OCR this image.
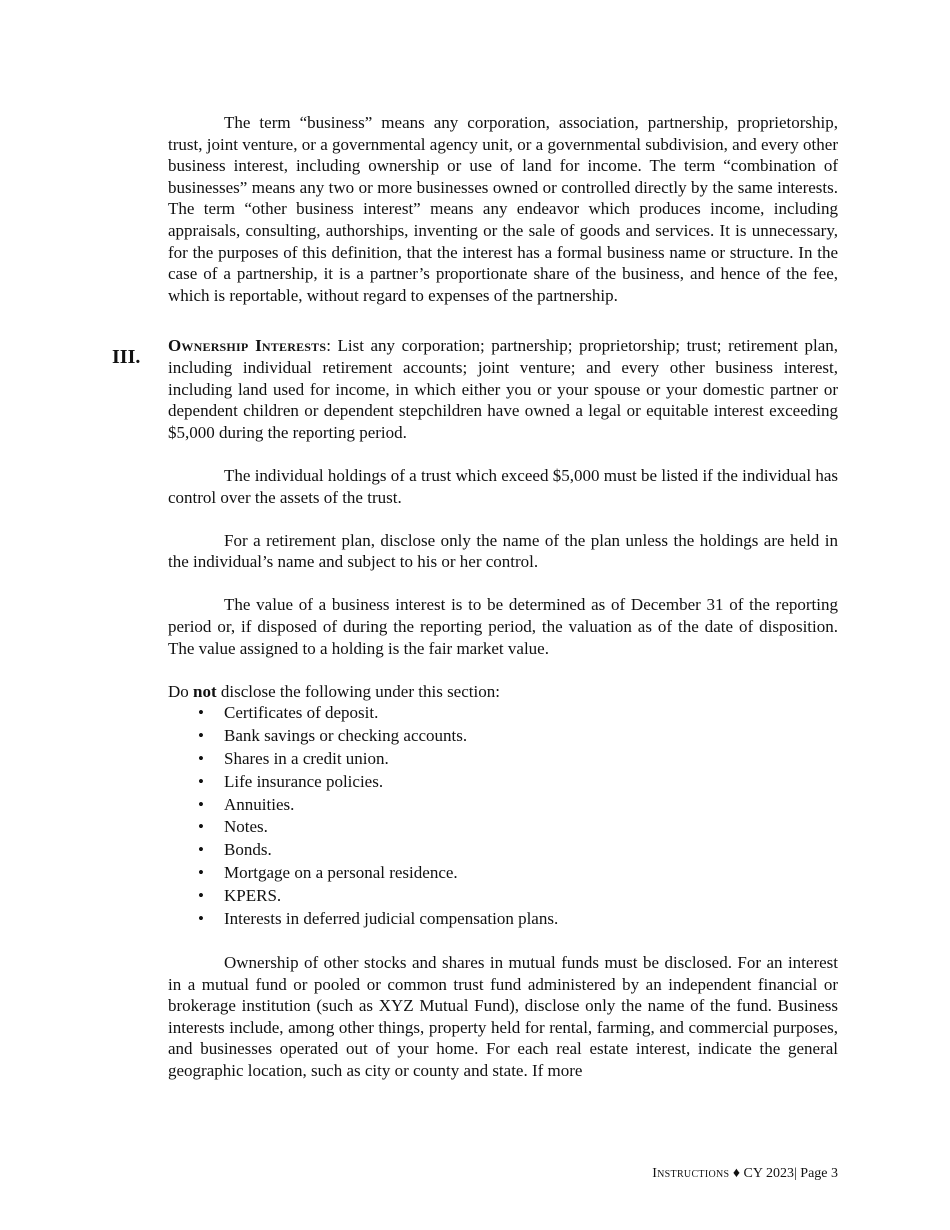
The term “business” means any corporation, association, partnership, proprietorship, trust, joint venture, or a governmental agency unit, or a governmental subdivision, and every other business interest, including ownership or use of land for income. The term “combination of businesses” means any two or more businesses owned or controlled directly by the same interests. The term “other business interest” means any endeavor which produces income, including appraisals, consulting, authorships, inventing or the sale of goods and services. It is unnecessary, for the purposes of this definition, that the interest has a formal business name or structure. In the case of a partnership, it is a partner’s proportionate share of the business, and hence of the fee, which is reportable, without regard to expenses of the partnership.

Ownership Interests: List any corporation; partnership; proprietorship; trust; retirement plan, including individual retirement accounts; joint venture; and every other business interest, including land used for income, in which either you or your spouse or your domestic partner or dependent children or dependent stepchildren have owned a legal or equitable interest exceeding $5,000 during the reporting period.

The individual holdings of a trust which exceed $5,000 must be listed if the individual has control over the assets of the trust.

For a retirement plan, disclose only the name of the plan unless the holdings are held in the individual’s name and subject to his or her control.

The value of a business interest is to be determined as of December 31 of the reporting period or, if disposed of during the reporting period, the valuation as of the date of disposition. The value assigned to a holding is the fair market value.

Do not disclose the following under this section:

• Certificates of deposit.
• Bank savings or checking accounts.
• Shares in a credit union.
• Life insurance policies.
• Annuities.
• Notes.
• Bonds.
• Mortgage on a personal residence.
• KPERS.
• Interests in deferred judicial compensation plans.

Ownership of other stocks and shares in mutual funds must be disclosed. For an interest in a mutual fund or pooled or common trust fund administered by an independent financial or brokerage institution (such as XYZ Mutual Fund), disclose only the name of the fund. Business interests include, among other things, property held for rental, farming, and commercial purposes, and businesses operated out of your home. For each real estate interest, indicate the general geographic location, such as city or county and state. If more

III.
Instructions ♦ CY 2023| Page 3
